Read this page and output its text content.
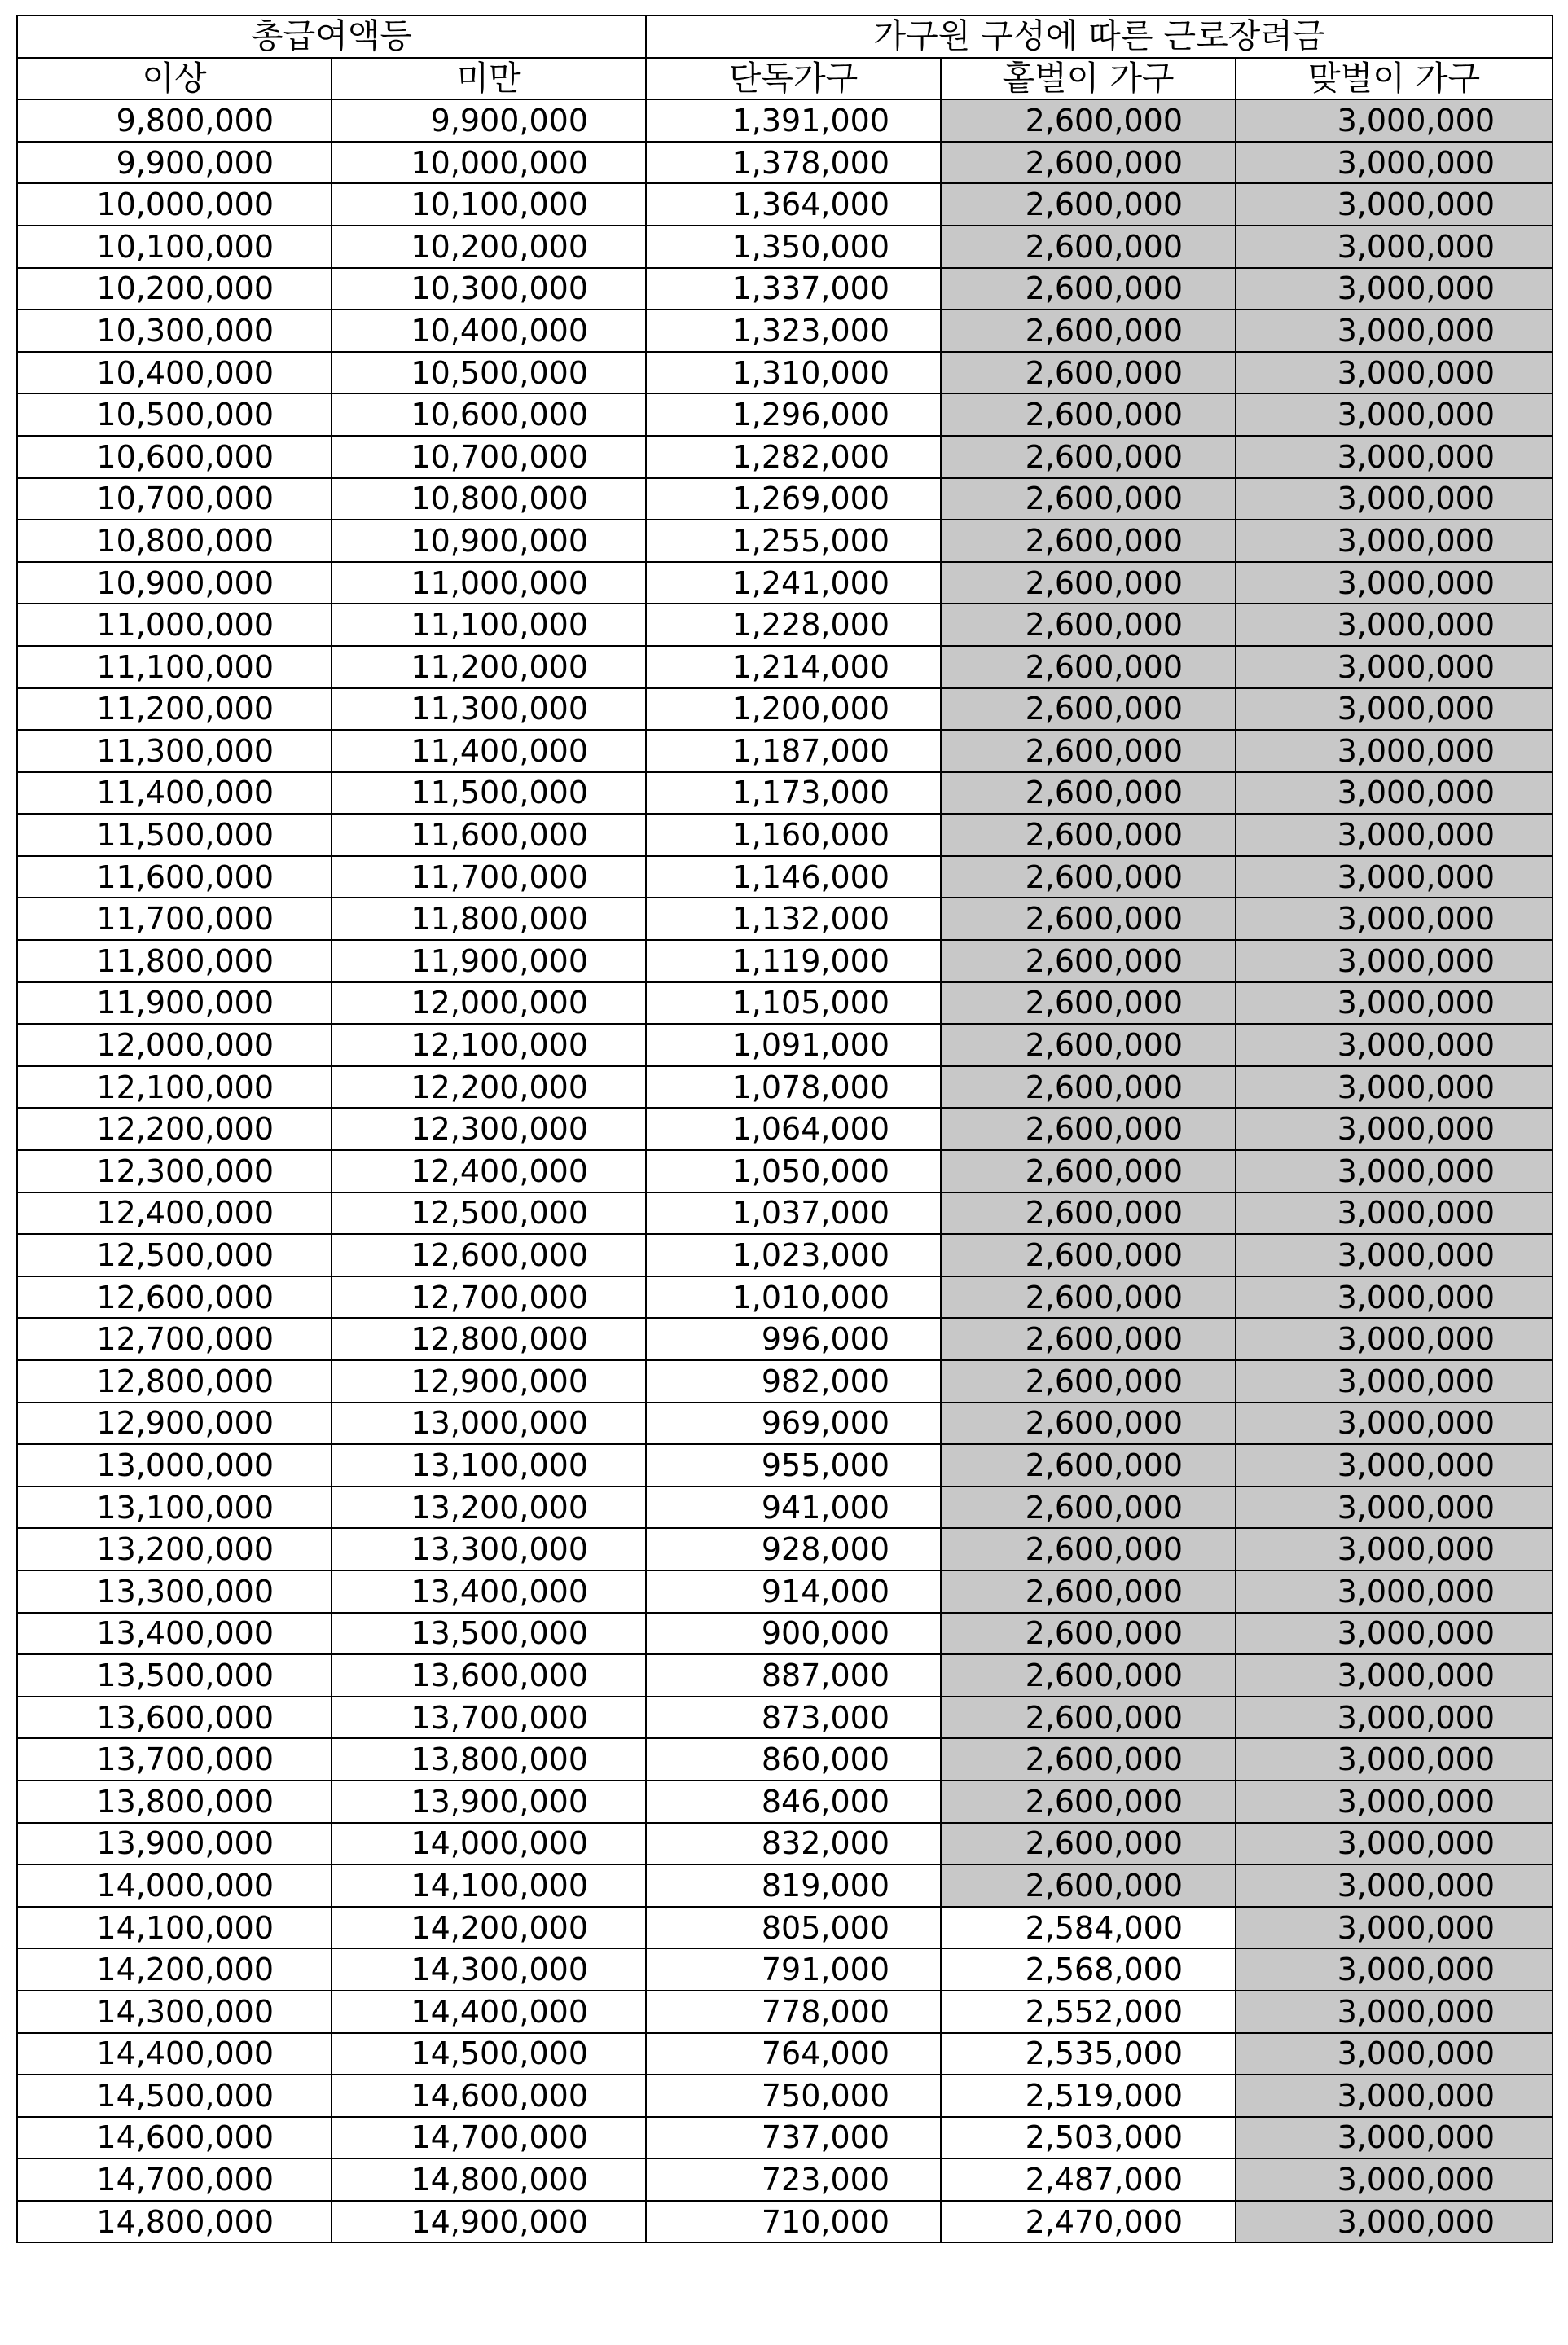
총급여액등		가구원 구성에 따른 근로장려금		
이상	미만	단독가구	홑벌이 가구	맞벌이 가구
9,800,000	9,900,000	1,391,000	2,600,000	3,000,000
9,900,000	10,000,000	1,378,000	2,600,000	3,000,000
10,000,000	10,100,000	1,364,000	2,600,000	3,000,000
10,100,000	10,200,000	1,350,000	2,600,000	3,000,000
10,200,000	10,300,000	1,337,000	2,600,000	3,000,000
10,300,000	10,400,000	1,323,000	2,600,000	3,000,000
10,400,000	10,500,000	1,310,000	2,600,000	3,000,000
10,500,000	10,600,000	1,296,000	2,600,000	3,000,000
10,600,000	10,700,000	1,282,000	2,600,000	3,000,000
10,700,000	10,800,000	1,269,000	2,600,000	3,000,000
10,800,000	10,900,000	1,255,000	2,600,000	3,000,000
10,900,000	11,000,000	1,241,000	2,600,000	3,000,000
11,000,000	11,100,000	1,228,000	2,600,000	3,000,000
11,100,000	11,200,000	1,214,000	2,600,000	3,000,000
11,200,000	11,300,000	1,200,000	2,600,000	3,000,000
11,300,000	11,400,000	1,187,000	2,600,000	3,000,000
11,400,000	11,500,000	1,173,000	2,600,000	3,000,000
11,500,000	11,600,000	1,160,000	2,600,000	3,000,000
11,600,000	11,700,000	1,146,000	2,600,000	3,000,000
11,700,000	11,800,000	1,132,000	2,600,000	3,000,000
11,800,000	11,900,000	1,119,000	2,600,000	3,000,000
11,900,000	12,000,000	1,105,000	2,600,000	3,000,000
12,000,000	12,100,000	1,091,000	2,600,000	3,000,000
12,100,000	12,200,000	1,078,000	2,600,000	3,000,000
12,200,000	12,300,000	1,064,000	2,600,000	3,000,000
12,300,000	12,400,000	1,050,000	2,600,000	3,000,000
12,400,000	12,500,000	1,037,000	2,600,000	3,000,000
12,500,000	12,600,000	1,023,000	2,600,000	3,000,000
12,600,000	12,700,000	1,010,000	2,600,000	3,000,000
12,700,000	12,800,000	996,000	2,600,000	3,000,000
12,800,000	12,900,000	982,000	2,600,000	3,000,000
12,900,000	13,000,000	969,000	2,600,000	3,000,000
13,000,000	13,100,000	955,000	2,600,000	3,000,000
13,100,000	13,200,000	941,000	2,600,000	3,000,000
13,200,000	13,300,000	928,000	2,600,000	3,000,000
13,300,000	13,400,000	914,000	2,600,000	3,000,000
13,400,000	13,500,000	900,000	2,600,000	3,000,000
13,500,000	13,600,000	887,000	2,600,000	3,000,000
13,600,000	13,700,000	873,000	2,600,000	3,000,000
13,700,000	13,800,000	860,000	2,600,000	3,000,000
13,800,000	13,900,000	846,000	2,600,000	3,000,000
13,900,000	14,000,000	832,000	2,600,000	3,000,000
14,000,000	14,100,000	819,000	2,600,000	3,000,000
14,100,000	14,200,000	805,000	2,584,000	3,000,000
14,200,000	14,300,000	791,000	2,568,000	3,000,000
14,300,000	14,400,000	778,000	2,552,000	3,000,000
14,400,000	14,500,000	764,000	2,535,000	3,000,000
14,500,000	14,600,000	750,000	2,519,000	3,000,000
14,600,000	14,700,000	737,000	2,503,000	3,000,000
14,700,000	14,800,000	723,000	2,487,000	3,000,000
14,800,000	14,900,000	710,000	2,470,000	3,000,000
